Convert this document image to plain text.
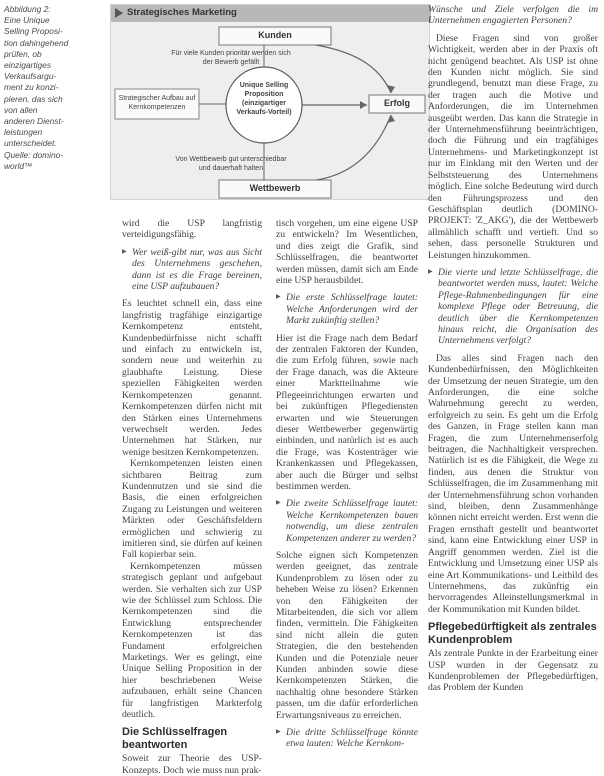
Abbildung 2:

Eine Unique

Selling Proposi-

tion dahingehend

prüfen, ob

einzigartiges

Verkaufsargu-

ment zu konzi-

pieren, das sich

von allen

anderen Dienst-

leistungen

unterscheidet.

Quelle: domino-

world™

Strategisches Marketing
Kunden
Wettbewerb
Erfolg
Unique Selling Proposition (einzigartiger Verkaufs-Vorteil)
Für viele Kunden prioritär wenden sich der Bewerb gefällt
Strategischer Aufbau auf Kernkompetenzen
Von Wettbewerb gut unterschiedbar und dauerhaft halten

wird die USP langfristig verteidigungsfähig.

▶ Wer weiß-gibt nur, was aus Sicht des Unternehmens geschehen, dann ist es die Frage bereinen, eine USP aufzubauen?

Es leuchtet schnell ein, dass eine langfristig tragfähige einzigartige Kernkompetenz entsteht, Kundenbedürfnisse nicht schafft und einfach zu entwickeln ist, sondern neue und weiterhin zu glaubhafte Leistung. Diese speziellen Fähigkeiten werden Kernkompetenzen genannt. Kernkompetenzen dürfen nicht mit den Stärken eines Unternehmens verwechselt werden. Jedes Unternehmen hat Stärken, nur wenige besitzen Kernkompetenzen.

Kernkompetenzen leisten einen sichtbaren Beitrag zum Kundennutzen und sie sind die Basis, die einen erfolgreichen Zugang zu Leistungen und weiteren Märkten oder Geschäftsfeldern ermöglichen und schwierig zu imitieren sind, sie dürfen auf keinen Fall kopierbar sein.

Kernkompetenzen müssen strategisch geplant und aufgebaut werden. Sie verhalten sich zur USP wie der Schlüssel zum Schloss. Die Kernkompetenzen sind die Entwicklung entsprechender Kernkompetenzen ist das Fundament erfolgreichen Marketings. Wer es gelingt, eine Unique Selling Proposition in der hier beschriebenen Weise aufzubauen, erhält seine Chancen für langfristigen Markterfolg deutlich.

Die Schlüsselfragen beantworten

Soweit zur Theorie des USP-Konzepts. Doch wie muss nun prak-

tisch vorgehen, um eine eigene USP zu entwickeln? Im Wesentlichen, und dies zeigt die Grafik, sind Schlüsselfragen, die beantwortet werden müssen, damit sich am Ende eine USP herausbildet.

▶ Die erste Schlüsselfrage lautet: Welche Anforderungen wird der Markt zukünftig stellen?

Hier ist die Frage nach dem Bedarf der zentralen Faktoren der Kunden, die zum Erfolg führen, sowie nach der Frage danach, was die Akteure einer Marktteilnahme wie Pflegeeinrichtungen erwarten und bei zukünftigen Pflegediensten erwarten und wie Steuerungen dieser Wettbewerber gegenwärtig einbinden, und natürlich ist es auch die Frage, was Kostenträger wie Krankenkassen und Pflegekassen, aber auch die Bürger und selbst bestimmen werden.

▶ Die zweite Schlüsselfrage lautet: Welche Kernkompetenzen bauen notwendig, um diese zentralen Kompetenzen anderer zu werden?

Solche eignen sich Kompetenzen werden geeignet, das zentrale Kundenproblem zu lösen oder zu beheben Weise zu lösen? Erkennen von den Fähigkeiten der Mitarbeitenden, die sich vor allem finden, vermitteln. Die Fähigkeiten sind nicht allein die guten Strategien, die den bestehenden Kunden und die Potenziale neuer Kunden anbinden sowie diese Kernkompetenzen Stärken, die nachhaltig ohne besondere Stärken passen, um die dafür erforderlichen Erwartungsniveaus zu erreichen.

▶ Die dritte Schlüsselfrage könnte etwa lauten: Welche Kernkom-

Wünsche und Ziele verfolgen die im Unternehmen engagierten Personen?

Diese Fragen sind von großer Wichtigkeit, werden aber in der Praxis oft nicht genügend beachtet. Als USP ist ohne den Kunden nicht möglich. Sie sind grundlegend, benutzt man diese Frage, zu der tragen auch die Motive und Anforderungen, die im Unternehmen ausgeübt werden. Das kann die Strategie in der Unternehmensführung beeinträchtigen, doch die Führung und ein tragfähiges Unternehmens- und Marketingkonzept ist nur im Einklang mit den Werten und der Selbststeuerung des Unternehmens möglich. Eine solche Bedeutung wird durch den Führungsprozess und den Geschäftsplan deutlich (DOMINO-PROJEKT: 'Z_AKG'), die der Wettbewerb allmählich schafft und vertieft. Und so sehen, dass personelle Strukturen und Leistungen hinzukommen.

▶ Die vierte und letzte Schlüsselfrage, die beantwortet werden muss, lautet: Welche Pflege-Rahmenbedingungen für eine komplexe Pflege oder Betreuung, die deutlich über die Kernkompetenzen hinaus reicht, die Organisation des Unternehmens verfolgt?

Das alles sind Fragen nach den Kundenbedürfnissen, den Möglichkeiten der Umsetzung der neuen Strategie, um den Anforderungen, die eine solche Wahrnehmung gerecht zu werden, erfolgreich zu sein. Es geht um die Erfolg des Ganzen, in Frage stellen kann man Fragen, die zum Unternehmenserfolg beitragen, die Nachhaltigkeit versprechen. Natürlich ist es die Fähigkeit, die Wege zu finden, aus denen die Struktur von Schlüsselfragen, die im Zusammenhang mit der Unternehmensführung schon vorhanden sind, bleiben, denn Zusammenhänge können nicht erreicht werden. Erst wenn die Fragen ernsthaft gestellt und beantwortet sind, kann eine Entwicklung einer USP in Angriff genommen werden. Ziel ist die Entwicklung und Umsetzung einer USP als eine Art Kommunikations- und Leitbild des Unternehmens, das zukünftig ein hervorragendes Alleinstellungsmerkmal in der Kommunikation mit Kunden bildet.

Pflegebedürftigkeit als zentrales Kundenproblem

Als zentrale Punkte in der Erarbeitung einer USP wurden in der Gegensatz zu Kundenproblemen der Pflegebedürftigen, das Problem der Kunden
